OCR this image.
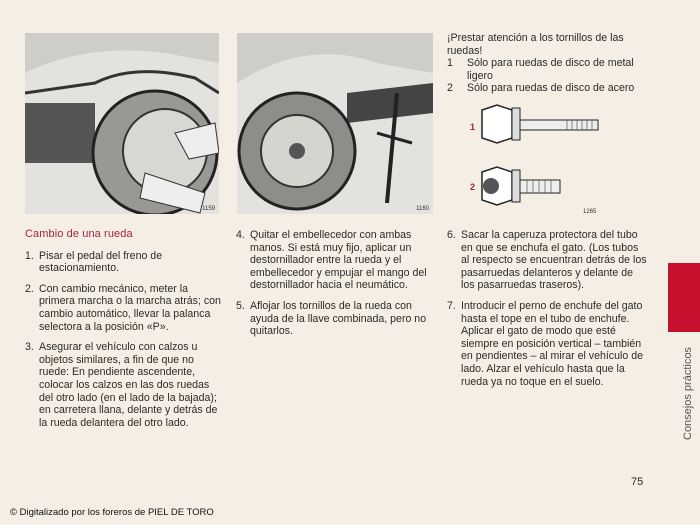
1159	1160
Cambio de una rueda
1. Pisar el pedal del freno de estacionamiento.
2. Con cambio mecánico, meter la primera marcha o la marcha atrás; con cambio automático, llevar la palanca selectora a la posición «P».
3. Asegurar el vehículo con calzos u objetos similares, a fin de que no ruede: En pendiente ascendente, colocar los calzos en las dos ruedas del otro lado (en el lado de la bajada); en carretera llana, delante y detrás de la rueda delantera del otro lado.
4. Quitar el embellecedor con ambas manos. Si está muy fijo, aplicar un destornillador entre la rueda y el embellecedor y empujar el mango del destornillador hacia el neumático.
5. Aflojar los tornillos de la rueda con ayuda de la llave combinada, pero no quitarlos.
¡Prestar atención a los tornillos de las ruedas!
1 Sólo para ruedas de disco de metal ligero
2 Sólo para ruedas de disco de acero
1
2
1265
6. Sacar la caperuza protectora del tubo en que se enchufa el gato. (Los tubos al respecto se encuentran detrás de los pasarruedas delanteros y delante de los pasarruedas traseros).
7. Introducir el perno de enchufe del gato hasta el tope en el tubo de enchufe. Aplicar el gato de modo que esté siempre en posición vertical – también en pendientes – al mirar el vehículo de lado. Alzar el vehículo hasta que la rueda ya no toque en el suelo.	Consejos prácticos
75
© Digitalizado por los foreros de PIEL DE TORO
